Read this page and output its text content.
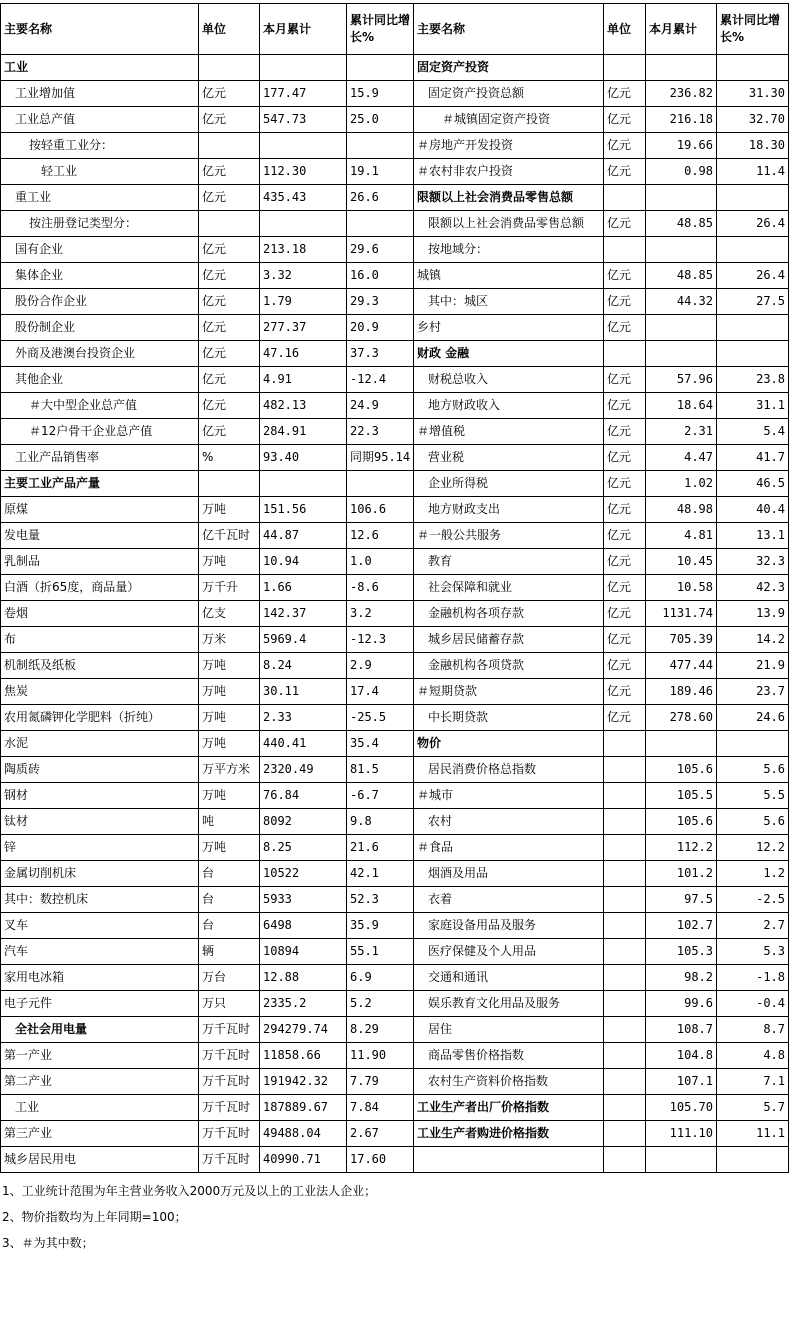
主要名称	单位	本月累计	累计同比增长%	主要名称	单位	本月累计	累计同比增长%
工业				固定资产投资			
工业增加值	亿元	177.47	15.9	固定资产投资总额	亿元	236.82	31.30
工业总产值	亿元	547.73	25.0	＃城镇固定资产投资	亿元	216.18	32.70
按轻重工业分：				＃房地产开发投资	亿元	19.66	18.30
轻工业	亿元	112.30	19.1	＃农村非农户投资	亿元	0.98	11.4
重工业	亿元	435.43	26.6	限额以上社会消费品零售总额			
按注册登记类型分：				限额以上社会消费品零售总额	亿元	48.85	26.4
国有企业	亿元	213.18	29.6	按地域分：			
集体企业	亿元	3.32	16.0	城镇	亿元	48.85	26.4
股份合作企业	亿元	1.79	29.3	其中：城区	亿元	44.32	27.5
股份制企业	亿元	277.37	20.9	乡村	亿元		
外商及港澳台投资企业	亿元	47.16	37.3	财政 金融			
其他企业	亿元	4.91	-12.4	财税总收入	亿元	57.96	23.8
＃大中型企业总产值	亿元	482.13	24.9	地方财政收入	亿元	18.64	31.1
＃12户骨干企业总产值	亿元	284.91	22.3	＃增值税	亿元	2.31	5.4
工业产品销售率	%	93.40	同期95.14	营业税	亿元	4.47	41.7
主要工业产品产量				企业所得税	亿元	1.02	46.5
原煤	万吨	151.56	106.6	地方财政支出	亿元	48.98	40.4
发电量	亿千瓦时	44.87	12.6	＃一般公共服务	亿元	4.81	13.1
乳制品	万吨	10.94	1.0	教育	亿元	10.45	32.3
白酒（折65度，商品量）	万千升	1.66	-8.6	社会保障和就业	亿元	10.58	42.3
卷烟	亿支	142.37	3.2	金融机构各项存款	亿元	1131.74	13.9
布	万米	5969.4	-12.3	城乡居民储蓄存款	亿元	705.39	14.2
机制纸及纸板	万吨	8.24	2.9	金融机构各项贷款	亿元	477.44	21.9
焦炭	万吨	30.11	17.4	＃短期贷款	亿元	189.46	23.7
农用氮磷钾化学肥料（折纯）	万吨	2.33	-25.5	中长期贷款	亿元	278.60	24.6
水泥	万吨	440.41	35.4	物价			
陶质砖	万平方米	2320.49	81.5	居民消费价格总指数		105.6	5.6
钢材	万吨	76.84	-6.7	＃城市		105.5	5.5
钛材	吨	8092	9.8	农村		105.6	5.6
锌	万吨	8.25	21.6	＃食品		112.2	12.2
金属切削机床	台	10522	42.1	烟酒及用品		101.2	1.2
其中：数控机床	台	5933	52.3	衣着		97.5	-2.5
叉车	台	6498	35.9	家庭设备用品及服务		102.7	2.7
汽车	辆	10894	55.1	医疗保健及个人用品		105.3	5.3
家用电冰箱	万台	12.88	6.9	交通和通讯		98.2	-1.8
电子元件	万只	2335.2	5.2	娱乐教育文化用品及服务		99.6	-0.4
全社会用电量	万千瓦时	294279.74	8.29	居住		108.7	8.7
第一产业	万千瓦时	11858.66	11.90	商品零售价格指数		104.8	4.8
第二产业	万千瓦时	191942.32	7.79	农村生产资料价格指数		107.1	7.1
工业	万千瓦时	187889.67	7.84	工业生产者出厂价格指数		105.70	5.7
第三产业	万千瓦时	49488.04	2.67	工业生产者购进价格指数		111.10	11.1
城乡居民用电	万千瓦时	40990.71	17.60				
1、工业统计范围为年主营业务收入2000万元及以上的工业法人企业；
2、物价指数均为上年同期=100；
3、＃为其中数；
